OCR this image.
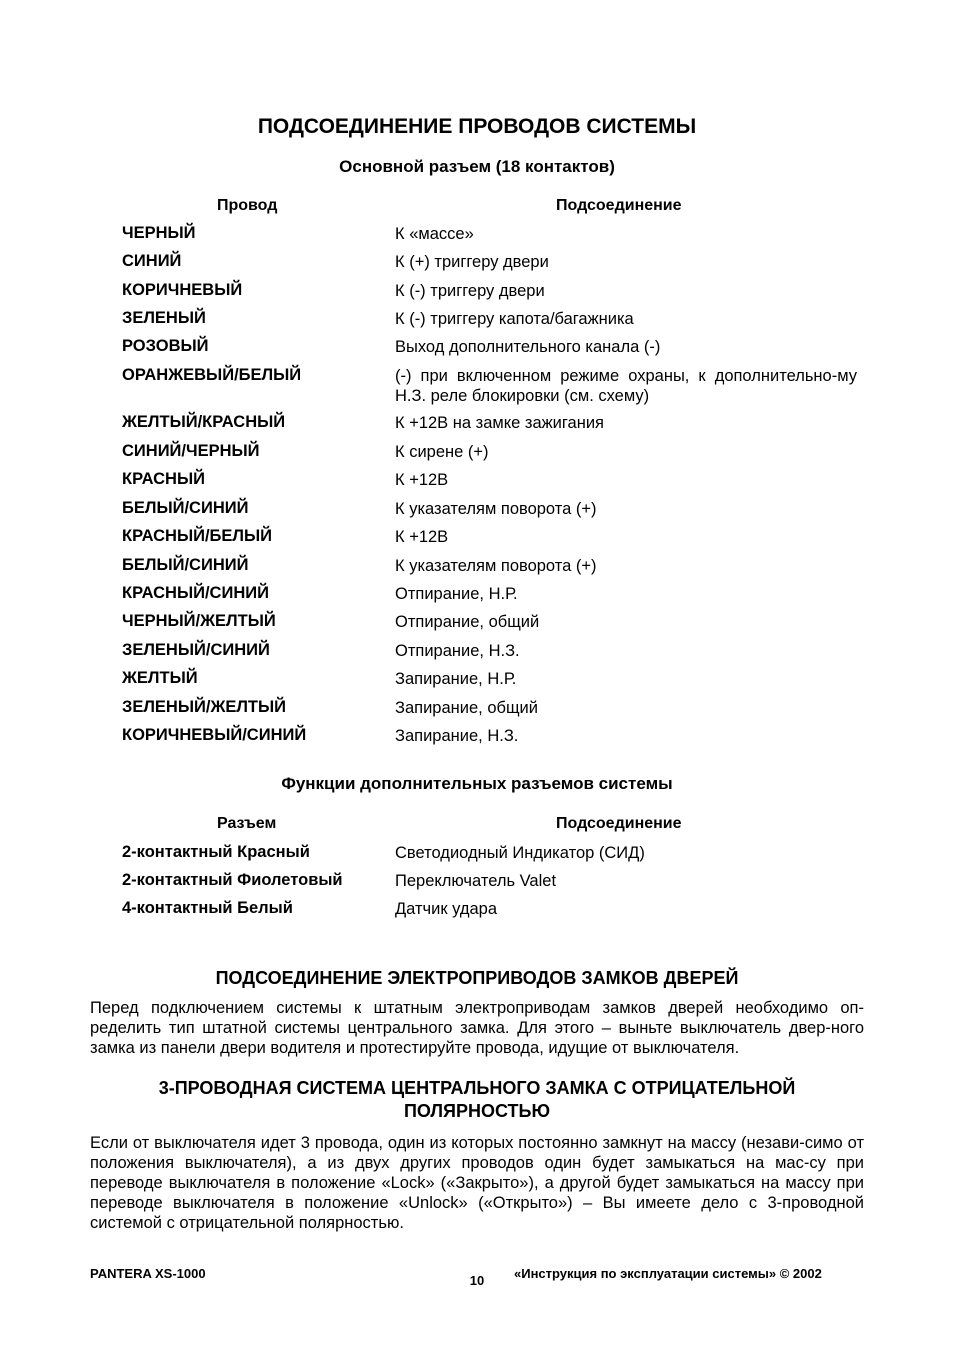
ПОДСОЕДИНЕНИЕ ПРОВОДОВ СИСТЕМЫ
Основной разъем (18 контактов)
Провод	Подсоединение
ЧЕРНЫЙ	К «массе»
СИНИЙ	К (+) триггеру двери
КОРИЧНЕВЫЙ	К (-) триггеру двери
ЗЕЛЕНЫЙ	К (-) триггеру капота/багажника
РОЗОВЫЙ	Выход дополнительного канала (-)
ОРАНЖЕВЫЙ/БЕЛЫЙ	(-) при включенном режиме охраны, к дополнительно-му Н.З. реле блокировки (см. схему)
ЖЕЛТЫЙ/КРАСНЫЙ	К +12В на замке зажигания
СИНИЙ/ЧЕРНЫЙ	К сирене (+)
КРАСНЫЙ	К +12В
БЕЛЫЙ/СИНИЙ	К указателям поворота (+)
КРАСНЫЙ/БЕЛЫЙ	К +12В
БЕЛЫЙ/СИНИЙ	К указателям поворота (+)
КРАСНЫЙ/СИНИЙ	Отпирание, Н.Р.
ЧЕРНЫЙ/ЖЕЛТЫЙ	Отпирание, общий
ЗЕЛЕНЫЙ/СИНИЙ	Отпирание, Н.З.
ЖЕЛТЫЙ	Запирание, Н.Р.
ЗЕЛЕНЫЙ/ЖЕЛТЫЙ	Запирание, общий
КОРИЧНЕВЫЙ/СИНИЙ	Запирание, Н.З.
Функции дополнительных разъемов системы
Разъем	Подсоединение
2-контактный Красный	Светодиодный Индикатор (СИД)
2-контактный Фиолетовый	Переключатель Valet
4-контактный Белый	Датчик удара
ПОДСОЕДИНЕНИЕ ЭЛЕКТРОПРИВОДОВ ЗАМКОВ ДВЕРЕЙ
Перед подключением системы к штатным электроприводам замков дверей необходимо оп-ределить тип штатной системы центрального замка. Для этого – выньте выключатель двер-ного замка из панели двери водителя и протестируйте провода, идущие от выключателя.
3-ПРОВОДНАЯ СИСТЕМА ЦЕНТРАЛЬНОГО ЗАМКА С ОТРИЦАТЕЛЬНОЙ
ПОЛЯРНОСТЬЮ
Если от выключателя идет 3 провода, один из которых постоянно замкнут на массу (незави-симо от положения выключателя), а из двух других проводов один будет замыкаться на мас-су при переводе выключателя в положение «Lock» («Закрыто»), а другой будет замыкаться на массу при переводе выключателя в положение «Unlock» («Открыто») – Вы имеете дело с 3-проводной системой с отрицательной полярностью.
PANTERA XS-1000	10	«Инструкция по эксплуатации системы» © 2002
